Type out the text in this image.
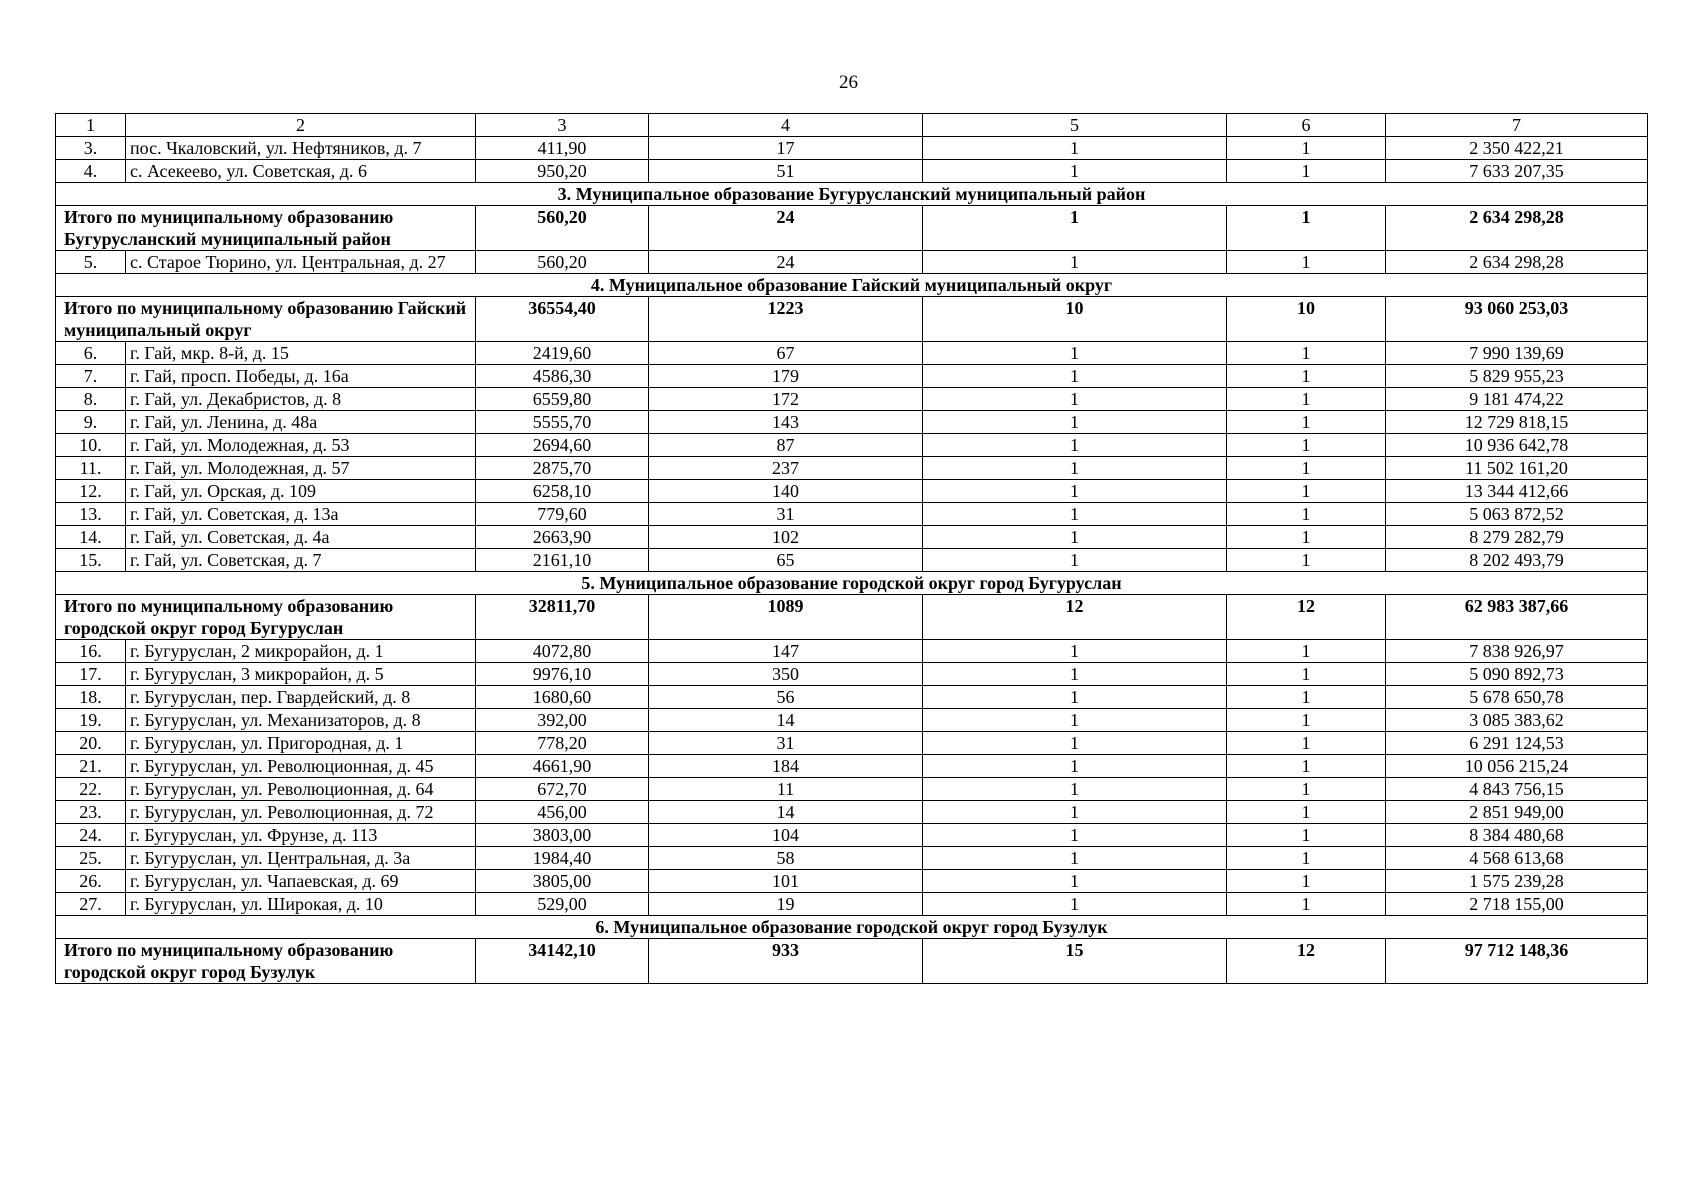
26
1	2	3	4	5	6	7
3.	пос. Чкаловский, ул. Нефтяников, д. 7	411,90	17	1	1	2 350 422,21
4.	с. Асекеево, ул. Советская, д. 6	950,20	51	1	1	7 633 207,35
3. Муниципальное образование Бугурусланский муниципальный район						
Итого по муниципальному образованию Бугурусланский муниципальный район		560,20	24	1	1	2 634 298,28
5.	с. Старое Тюрино, ул. Центральная, д. 27	560,20	24	1	1	2 634 298,28
4. Муниципальное образование Гайский муниципальный округ						
Итого по муниципальному образованию Гайский муниципальный округ		36554,40	1223	10	10	93 060 253,03
6.	г. Гай, мкр. 8-й, д. 15	2419,60	67	1	1	7 990 139,69
7.	г. Гай, просп. Победы, д. 16а	4586,30	179	1	1	5 829 955,23
8.	г. Гай, ул. Декабристов, д. 8	6559,80	172	1	1	9 181 474,22
9.	г. Гай, ул. Ленина, д. 48а	5555,70	143	1	1	12 729 818,15
10.	г. Гай, ул. Молодежная, д. 53	2694,60	87	1	1	10 936 642,78
11.	г. Гай, ул. Молодежная, д. 57	2875,70	237	1	1	11 502 161,20
12.	г. Гай, ул. Орская, д. 109	6258,10	140	1	1	13 344 412,66
13.	г. Гай, ул. Советская, д. 13а	779,60	31	1	1	5 063 872,52
14.	г. Гай, ул. Советская, д. 4а	2663,90	102	1	1	8 279 282,79
15.	г. Гай, ул. Советская, д. 7	2161,10	65	1	1	8 202 493,79
5. Муниципальное образование городской округ город Бугуруслан						
Итого по муниципальному образованию городской округ город Бугуруслан		32811,70	1089	12	12	62 983 387,66
16.	г. Бугуруслан, 2 микрорайон, д. 1	4072,80	147	1	1	7 838 926,97
17.	г. Бугуруслан, 3 микрорайон, д. 5	9976,10	350	1	1	5 090 892,73
18.	г. Бугуруслан, пер. Гвардейский, д. 8	1680,60	56	1	1	5 678 650,78
19.	г. Бугуруслан, ул. Механизаторов, д. 8	392,00	14	1	1	3 085 383,62
20.	г. Бугуруслан, ул. Пригородная, д. 1	778,20	31	1	1	6 291 124,53
21.	г. Бугуруслан, ул. Революционная, д. 45	4661,90	184	1	1	10 056 215,24
22.	г. Бугуруслан, ул. Революционная, д. 64	672,70	11	1	1	4 843 756,15
23.	г. Бугуруслан, ул. Революционная, д. 72	456,00	14	1	1	2 851 949,00
24.	г. Бугуруслан, ул. Фрунзе, д. 113	3803,00	104	1	1	8 384 480,68
25.	г. Бугуруслан, ул. Центральная, д. 3а	1984,40	58	1	1	4 568 613,68
26.	г. Бугуруслан, ул. Чапаевская, д. 69	3805,00	101	1	1	1 575 239,28
27.	г. Бугуруслан, ул. Широкая, д. 10	529,00	19	1	1	2 718 155,00
6. Муниципальное образование городской округ город Бузулук						
Итого по муниципальному образованию городской округ город Бузулук		34142,10	933	15	12	97 712 148,36
